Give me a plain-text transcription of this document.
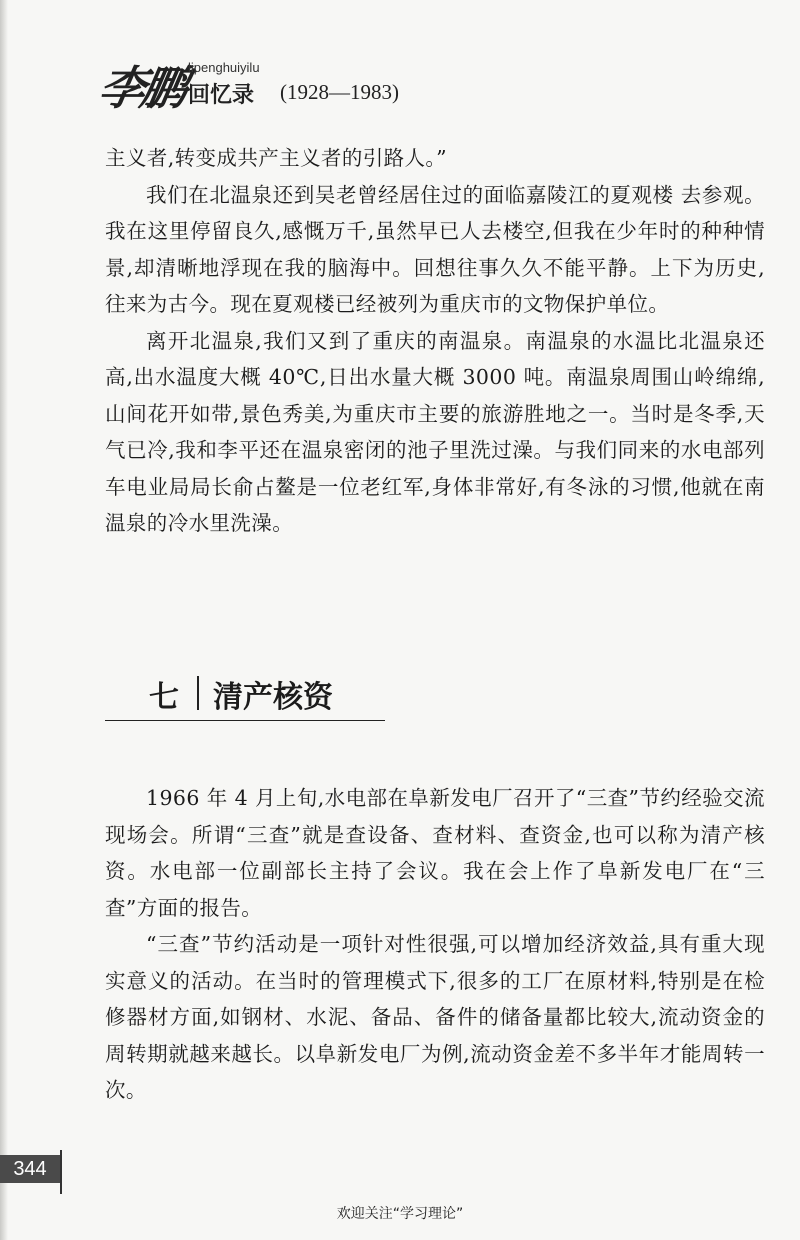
李鹏 lipenghuiyilu
回忆录 (1928—1983)

主义者,转变成共产主义者的引路人。”

我们在北温泉还到吴老曾经居住过的面临嘉陵江的夏观楼 去参观。我在这里停留良久,感慨万千,虽然早已人去楼空,但我在少年时的种种情景,却清晰地浮现在我的脑海中。回想往事久久不能平静。上下为历史,往来为古今。现在夏观楼已经被列为重庆市的文物保护单位。

离开北温泉,我们又到了重庆的南温泉。南温泉的水温比北温泉还高,出水温度大概 40℃,日出水量大概 3000 吨。南温泉周围山岭绵绵,山间花开如带,景色秀美,为重庆市主要的旅游胜地之一。当时是冬季,天气已冷,我和李平还在温泉密闭的池子里洗过澡。与我们同来的水电部列车电业局局长俞占鳌是一位老红军,身体非常好,有冬泳的习惯,他就在南温泉的冷水里洗澡。

七 清产核资

1966 年 4 月上旬,水电部在阜新发电厂召开了“三查”节约经验交流现场会。所谓“三查”就是查设备、查材料、查资金,也可以称为清产核资。水电部一位副部长主持了会议。我在会上作了阜新发电厂在“三查”方面的报告。

“三查”节约活动是一项针对性很强,可以增加经济效益,具有重大现实意义的活动。在当时的管理模式下,很多的工厂在原材料,特别是在检修器材方面,如钢材、水泥、备品、备件的储备量都比较大,流动资金的周转期就越来越长。以阜新发电厂为例,流动资金差不多半年才能周转一次。

344
欢迎关注“学习理论”
